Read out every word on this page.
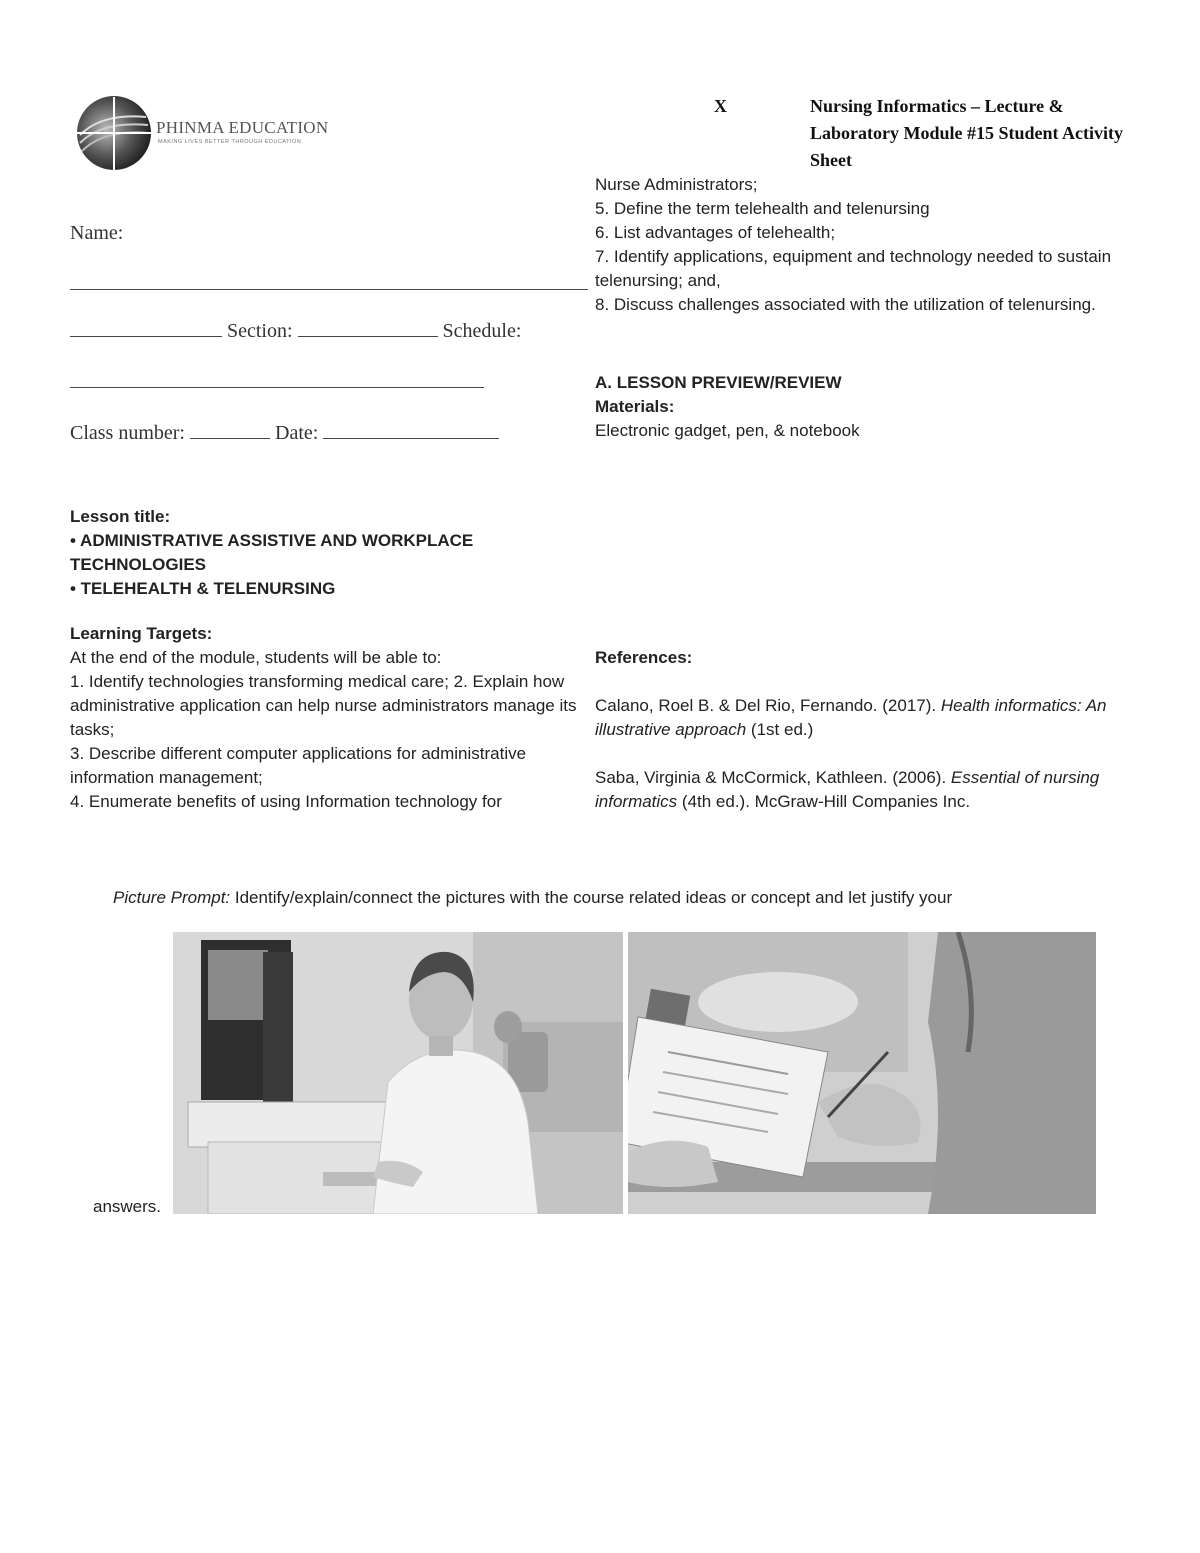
PHINMA EDUCATION
MAKING LIVES BETTER THROUGH EDUCATION
X	Nursing Informatics – Lecture & Laboratory Module #15 Student Activity Sheet
Name:
Section:	Schedule:
Class number:	Date:
Lesson title:
• ADMINISTRATIVE ASSISTIVE AND WORKPLACE TECHNOLOGIES
• TELEHEALTH & TELENURSING
Learning Targets:
At the end of the module, students will be able to:
1. Identify technologies transforming medical care; 2. Explain how administrative application can help nurse administrators manage its tasks;
3. Describe different computer applications for administrative information management;
4. Enumerate benefits of using Information technology for
Nurse Administrators;
5. Define the term telehealth and telenursing
6. List advantages of telehealth;
7. Identify applications, equipment and technology needed to sustain telenursing; and,
8. Discuss challenges associated with the utilization of telenursing.
A. LESSON PREVIEW/REVIEW
Materials:
Electronic gadget, pen, & notebook
References:
Calano, Roel B. & Del Rio, Fernando. (2017). Health informatics: An illustrative approach (1st ed.)
Saba, Virginia & McCormick, Kathleen. (2006). Essential of nursing informatics (4th ed.). McGraw-Hill Companies Inc.
Picture Prompt: Identify/explain/connect the pictures with the course related ideas or concept and let justify your
answers.
